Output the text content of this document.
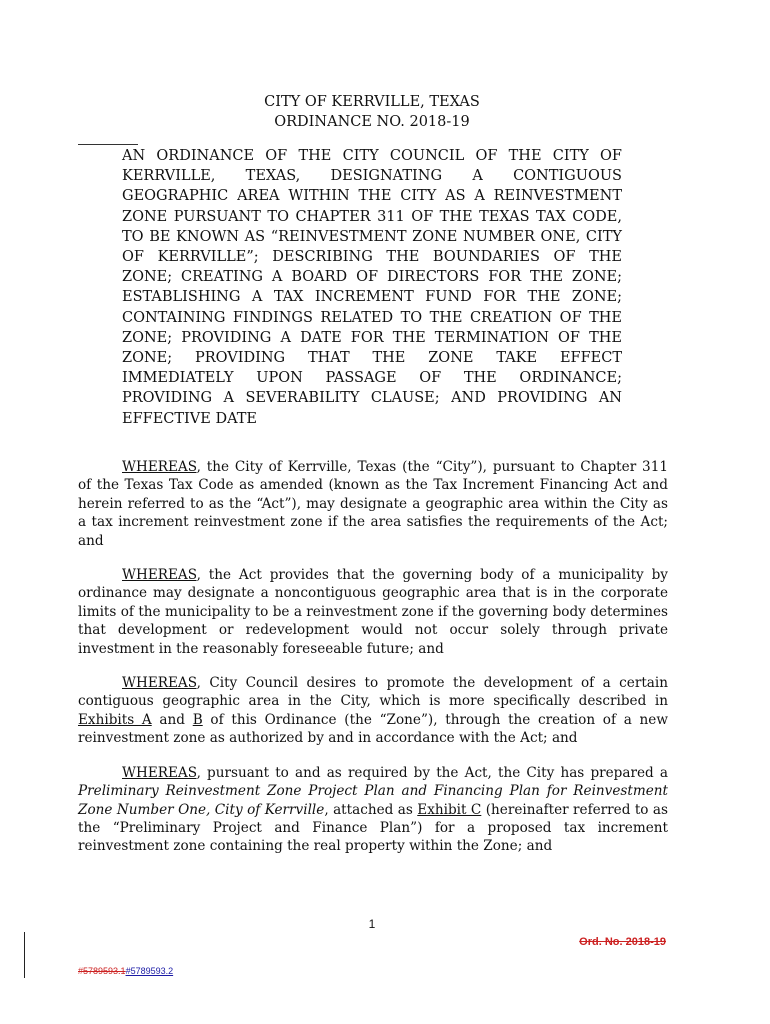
CITY OF KERRVILLE, TEXAS
ORDINANCE NO. 2018-19
AN ORDINANCE OF THE CITY COUNCIL OF THE CITY OF KERRVILLE, TEXAS, DESIGNATING A CONTIGUOUS GEOGRAPHIC AREA WITHIN THE CITY AS A REINVESTMENT ZONE PURSUANT TO CHAPTER 311 OF THE TEXAS TAX CODE, TO BE KNOWN AS “REINVESTMENT ZONE NUMBER ONE, CITY OF KERRVILLE”; DESCRIBING THE BOUNDARIES OF THE ZONE; CREATING A BOARD OF DIRECTORS FOR THE ZONE; ESTABLISHING A TAX INCREMENT FUND FOR THE ZONE; CONTAINING FINDINGS RELATED TO THE CREATION OF THE ZONE; PROVIDING A DATE FOR THE TERMINATION OF THE ZONE; PROVIDING THAT THE ZONE TAKE EFFECT IMMEDIATELY UPON PASSAGE OF THE ORDINANCE; PROVIDING A SEVERABILITY CLAUSE; AND PROVIDING AN EFFECTIVE DATE

WHEREAS, the City of Kerrville, Texas (the “City”), pursuant to Chapter 311 of the Texas Tax Code as amended (known as the Tax Increment Financing Act and herein referred to as the “Act”), may designate a geographic area within the City as a tax increment reinvestment zone if the area satisfies the requirements of the Act; and

WHEREAS, the Act provides that the governing body of a municipality by ordinance may designate a noncontiguous geographic area that is in the corporate limits of the municipality to be a reinvestment zone if the governing body determines that development or redevelopment would not occur solely through private investment in the reasonably foreseeable future; and

WHEREAS, City Council desires to promote the development of a certain contiguous geographic area in the City, which is more specifically described in Exhibits A and B of this Ordinance (the “Zone”), through the creation of a new reinvestment zone as authorized by and in accordance with the Act; and

WHEREAS, pursuant to and as required by the Act, the City has prepared a Preliminary Reinvestment Zone Project Plan and Financing Plan for Reinvestment Zone Number One, City of Kerrville, attached as Exhibit C (hereinafter referred to as the “Preliminary Project and Finance Plan”) for a proposed tax increment reinvestment zone containing the real property within the Zone; and

1
Ord. No. 2018-19
#5789593.1#5789593.2
